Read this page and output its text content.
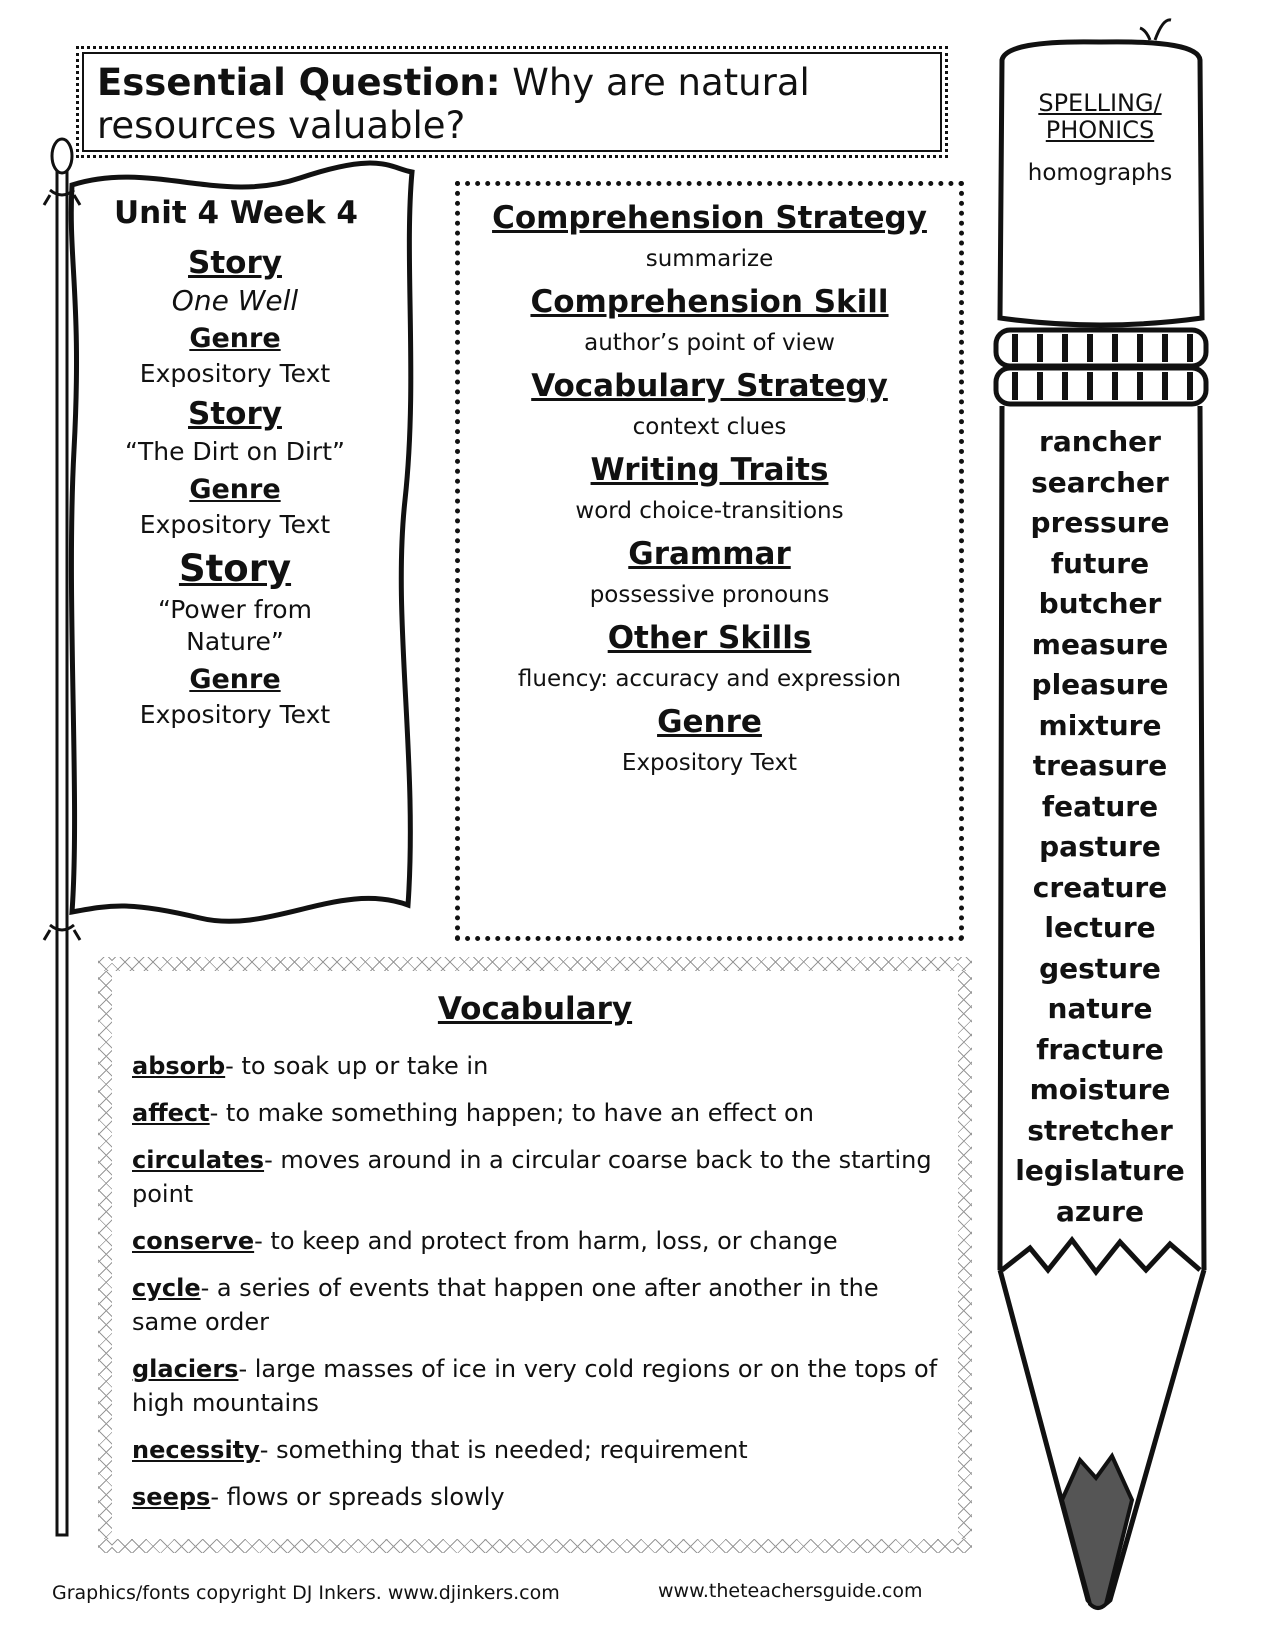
Essential Question: Why are natural resources valuable?
Unit 4 Week 4
Story
One Well
Genre
Expository Text
Story
“The Dirt on Dirt”
Genre
Expository Text
Story
“Power from Nature”
Genre
Expository Text
Comprehension Strategy
summarize
Comprehension Skill
author’s point of view
Vocabulary Strategy
context clues
Writing Traits
word choice-transitions
Grammar
possessive pronouns
Other Skills
fluency: accuracy and expression
Genre
Expository Text
Vocabulary
absorb- to soak up or take in
affect- to make something happen; to have an effect on
circulates- moves around in a circular coarse back to the starting point
conserve- to keep and protect from harm, loss, or change
cycle- a series of events that happen one after another in the same order
glaciers- large masses of ice in very cold regions or on the tops of high mountains
necessity- something that is needed; requirement
seeps- flows or spreads slowly
SPELLING/
PHONICS
homographs
rancher
searcher
pressure
future
butcher
measure
pleasure
mixture
treasure
feature
pasture
creature
lecture
gesture
nature
fracture
moisture
stretcher
legislature
azure
Graphics/fonts copyright DJ Inkers. www.djinkers.com	www.theteachersguide.com
